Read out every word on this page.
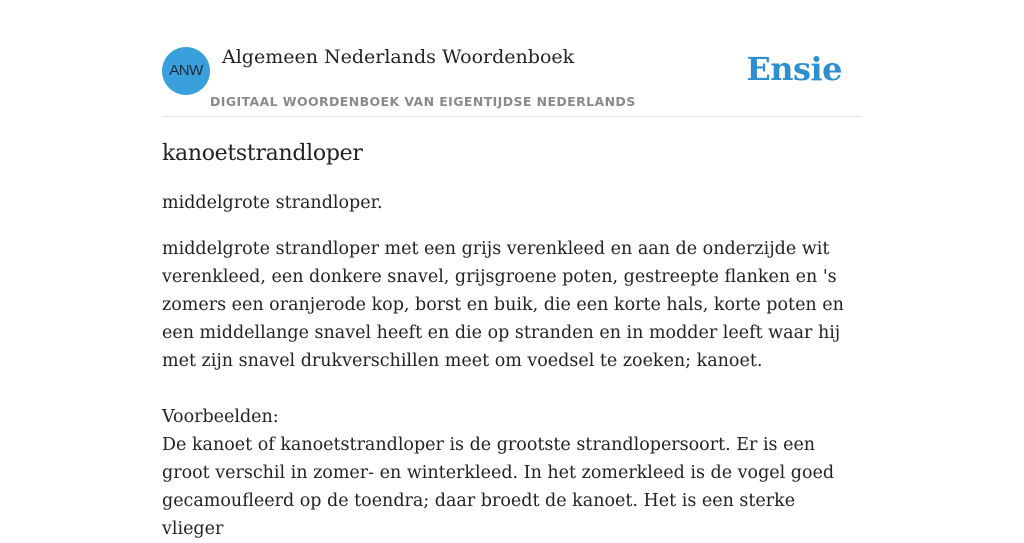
ANW
Algemeen Nederlands Woordenboek
DIGITAAL WOORDENBOEK VAN EIGENTIJDSE NEDERLANDS
Ensie
kanoetstrandloper

middelgrote strandloper.

middelgrote strandloper met een grijs verenkleed en aan de onderzijde wit verenkleed, een donkere snavel, grijsgroene poten, gestreepte flanken en 's zomers een oranjerode kop, borst en buik, die een korte hals, korte poten en een middellange snavel heeft en die op stranden en in modder leeft waar hij met zijn snavel drukverschillen meet om voedsel te zoeken; kanoet.

Voorbeelden:

De kanoet of kanoetstrandloper is de grootste strandlopersoort. Er is een groot verschil in zomer- en winterkleed. In het zomerkleed is de vogel goed gecamoufleerd op de toendra; daar broedt de kanoet. Het is een sterke vlieger
